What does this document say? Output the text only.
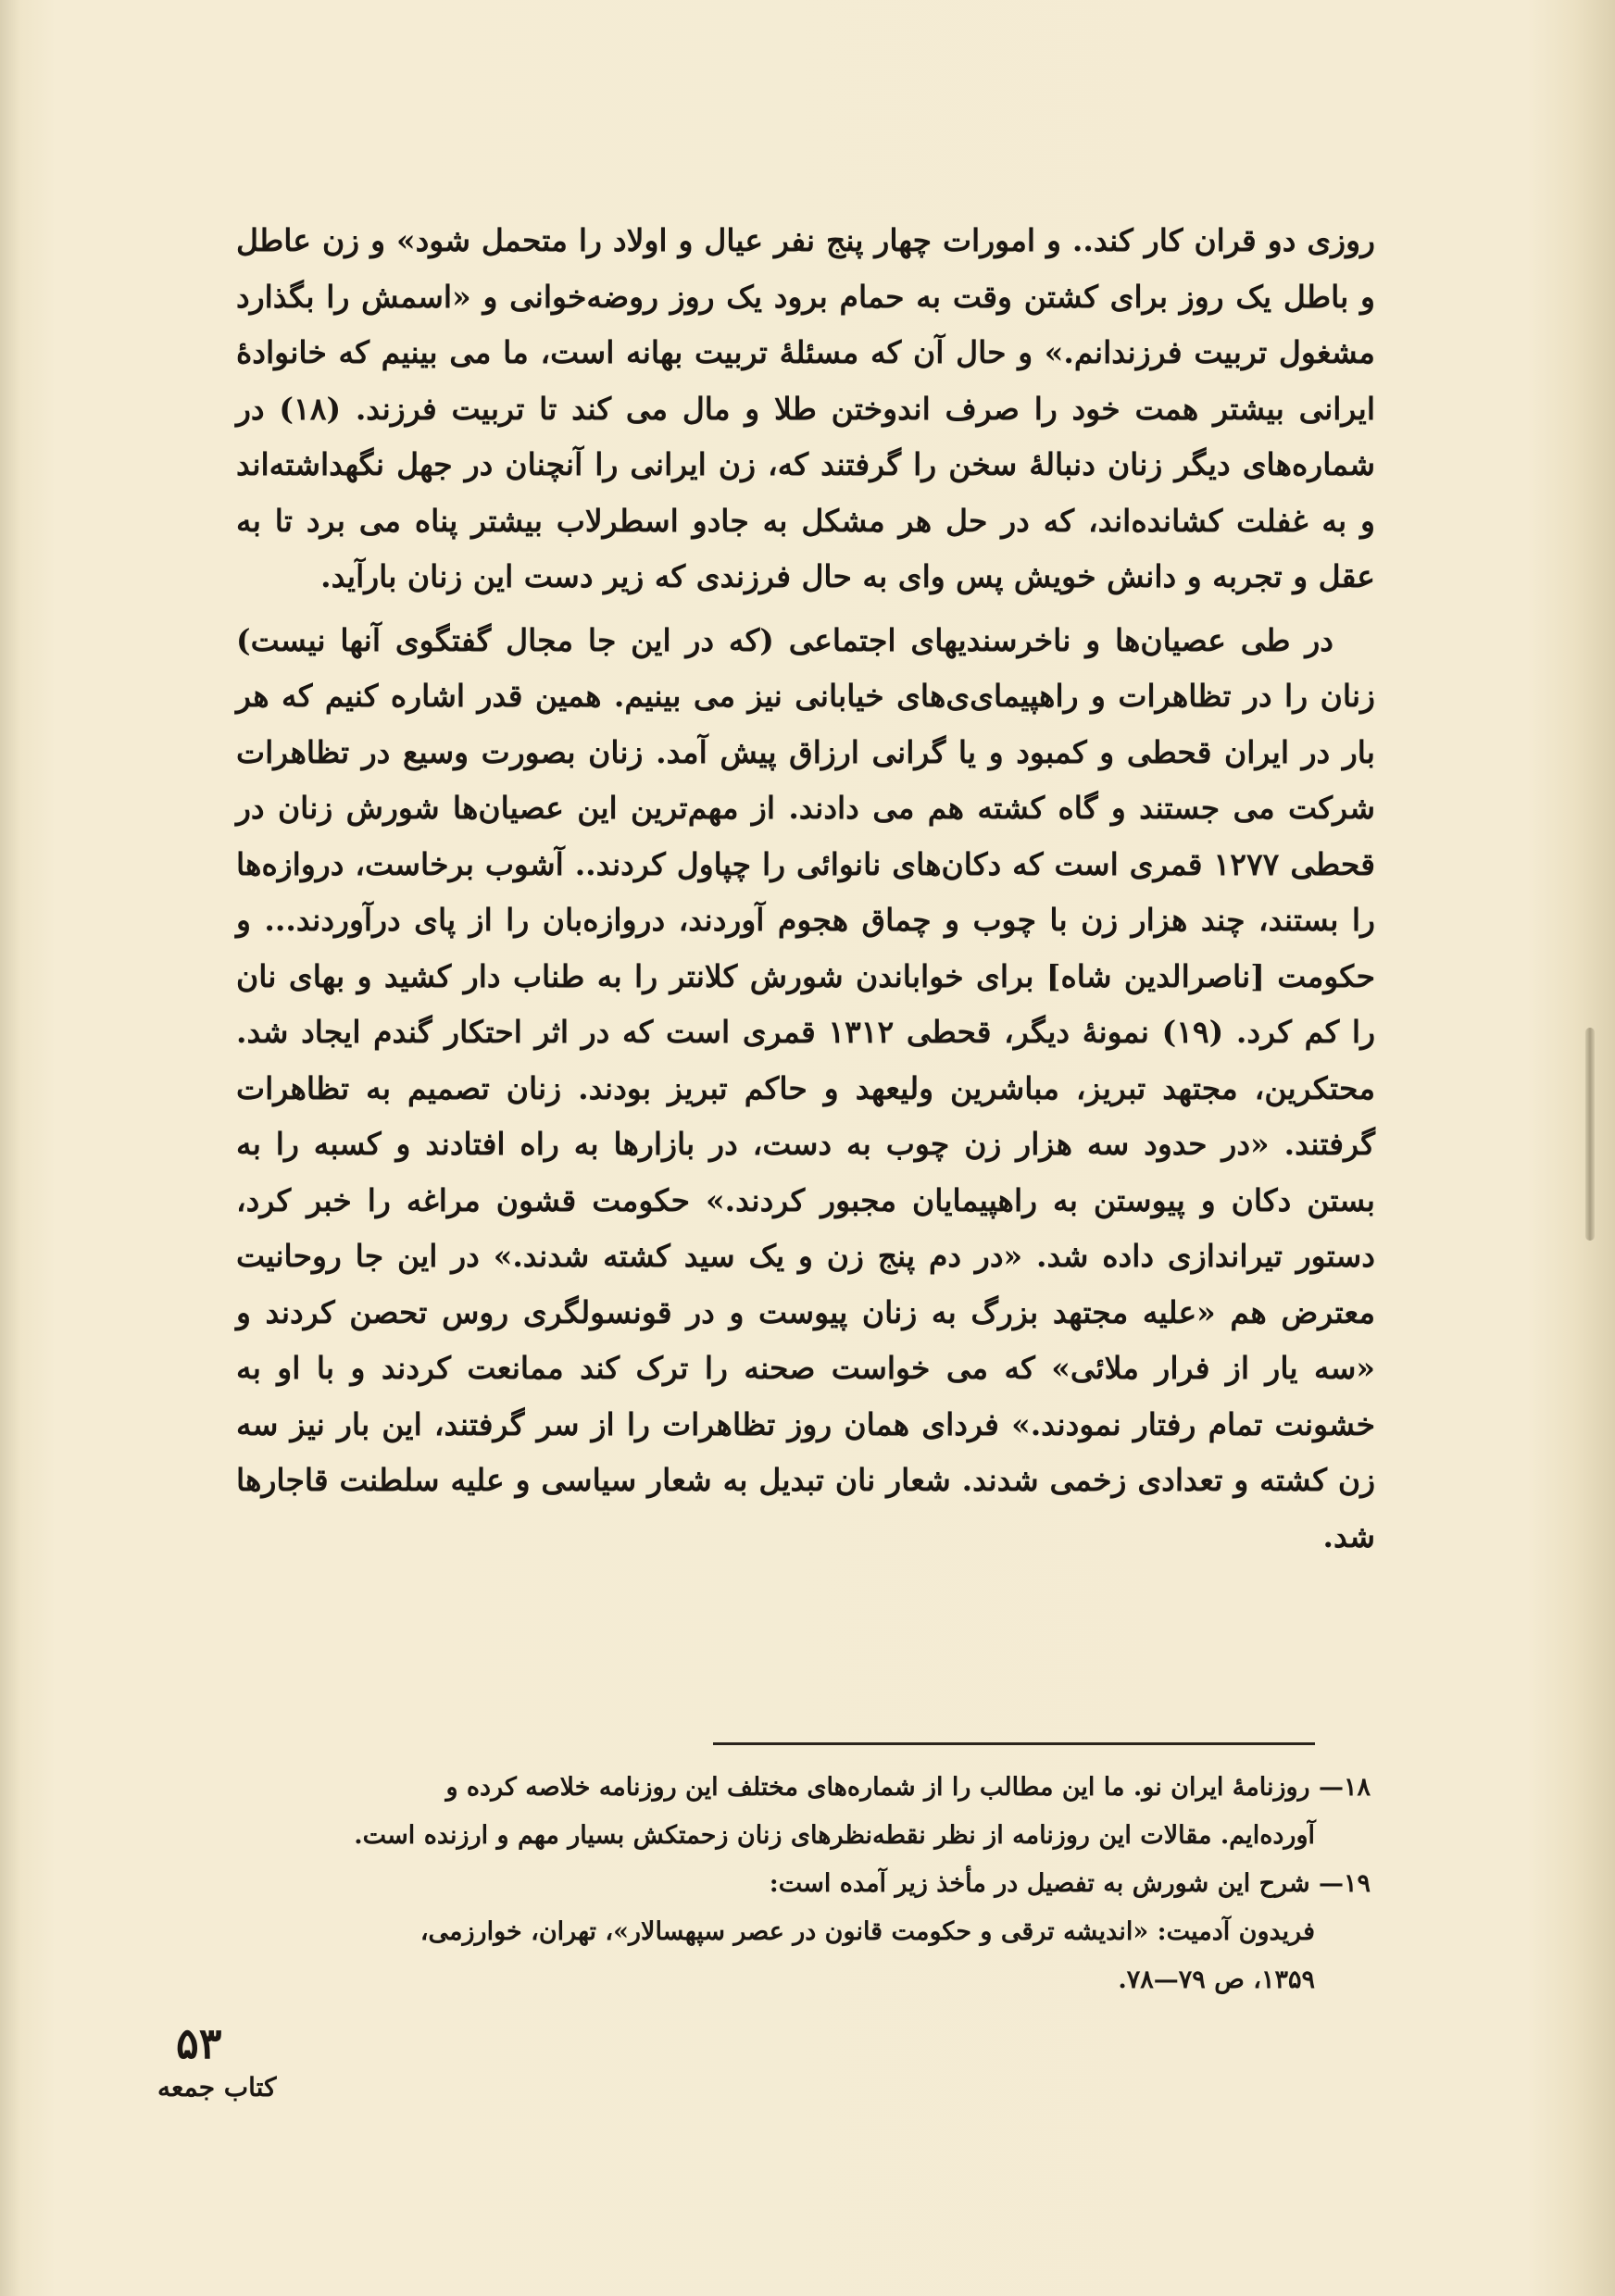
روزی دو قران کار کند.. و امورات چهار پنج نفر عیال و اولاد را متحمل شود» و زن عاطل و باطل یک روز برای کشتن وقت به حمام برود یک روز روضه‌خوانی و «اسمش را بگذارد مشغول تربیت فرزندانم.» و حال آن که مسئلهٔ تربیت بهانه است، ما می بینیم که خانوادهٔ ایرانی بیشتر همت خود را صرف اندوختن طلا و مال می کند تا تربیت فرزند. (۱۸) در شماره‌های دیگر زنان دنبالهٔ سخن را گرفتند که، زن ایرانی را آنچنان در جهل نگهداشته‌اند و به غفلت کشانده‌اند، که در حل هر مشکل به جادو اسطرلاب بیشتر پناه می برد تا به عقل و تجربه و دانش خویش پس وای به حال فرزندی که زیر دست این زنان بارآید.

در طی عصیان‌ها و ناخرسندیهای اجتماعی (که در این جا مجال گفتگوی آنها نیست) زنان را در تظاهرات و راهپیمای‌ی‌های خیابانی نیز می بینیم. همین قدر اشاره کنیم که هر بار در ایران قحطی و کمبود و یا گرانی ارزاق پیش آمد. زنان بصورت وسیع در تظاهرات شرکت می جستند و گاه کشته هم می دادند. از مهم‌ترین این عصیان‌ها شورش زنان در قحطی ۱۲۷۷ قمری است که دکان‌های نانوائی را چپاول کردند.. آشوب برخاست، دروازه‌ها را بستند، چند هزار زن با چوب و چماق هجوم آوردند، دروازه‌بان را از پای درآوردند... و حکومت [ناصرالدین شاه] برای خواباندن شورش کلانتر را به طناب دار کشید و بهای نان را کم کرد. (۱۹) نمونهٔ دیگر، قحطی ۱۳۱۲ قمری است که در اثر احتکار گندم ایجاد شد. محتکرین، مجتهد تبریز، مباشرین ولیعهد و حاکم تبریز بودند. زنان تصمیم به تظاهرات گرفتند. «در حدود سه هزار زن چوب به دست، در بازارها به راه افتادند و کسبه را به بستن دکان و پیوستن به راهپیمایان مجبور کردند.» حکومت قشون مراغه را خبر کرد، دستور تیراندازی داده شد. «در دم پنج زن و یک سید کشته شدند.» در این جا روحانیت معترض هم «علیه مجتهد بزرگ به زنان پیوست و در قونسولگری روس تحصن کردند و «سه یار از فرار ملائی» که می خواست صحنه را ترک کند ممانعت کردند و با او به خشونت تمام رفتار نمودند.» فردای همان روز تظاهرات را از سر گرفتند، این بار نیز سه زن کشته و تعدادی زخمی شدند. شعار نان تبدیل به شعار سیاسی و علیه سلطنت قاجارها شد.

۱۸— روزنامهٔ ایران نو. ما این مطالب را از شماره‌های مختلف این روزنامه خلاصه کرده و

آورده‌ایم. مقالات این روزنامه از نظر نقطه‌نظرهای زنان زحمتکش بسیار مهم و ارزنده است.

۱۹— شرح این شورش به تفصیل در مأخذ زیر آمده است:

فریدون آدمیت: «اندیشه ترقی و حکومت قانون در عصر سپهسالار»، تهران، خوارزمی،

۱۳۵۹، ص ۷۹—۷۸.

۵۳
کتاب جمعه
